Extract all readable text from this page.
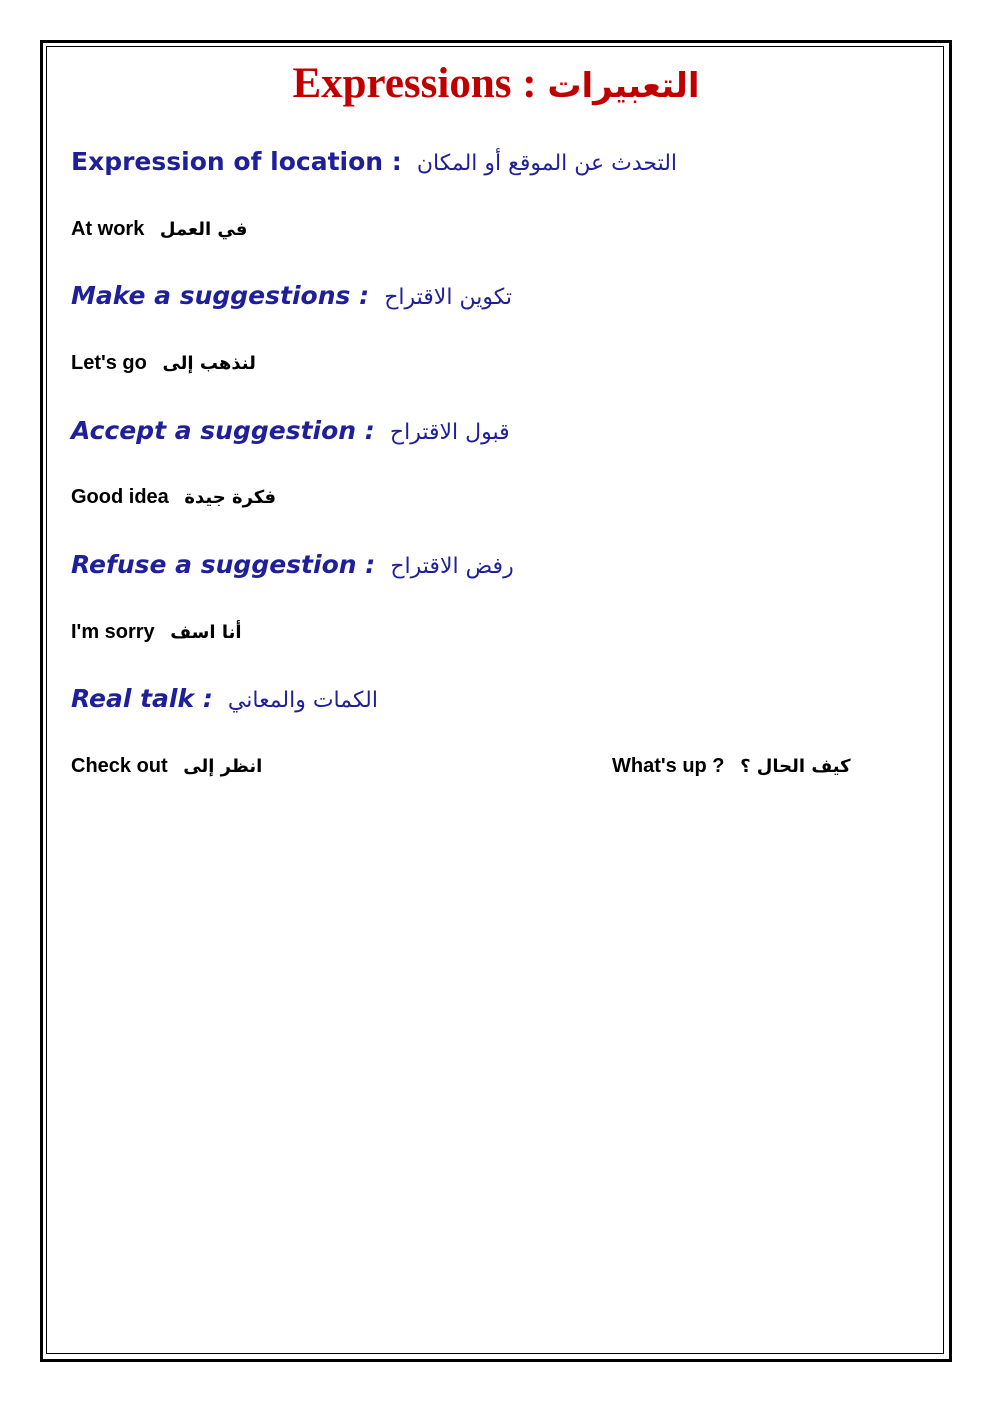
Expressions : التعبيرات
Expression of location : التحدث عن الموقع أو المكان
At work في العمل
Make a suggestions : تكوين الاقتراح
Let's go لنذهب إلى
Accept a suggestion : قبول الاقتراح
Good idea فكرة جيدة
Refuse a suggestion : رفض الاقتراح
I'm sorry أنا اسف
Real talk : الكمات والمعاني
Check out انظر إلى	What's up ? كيف الحال ؟
